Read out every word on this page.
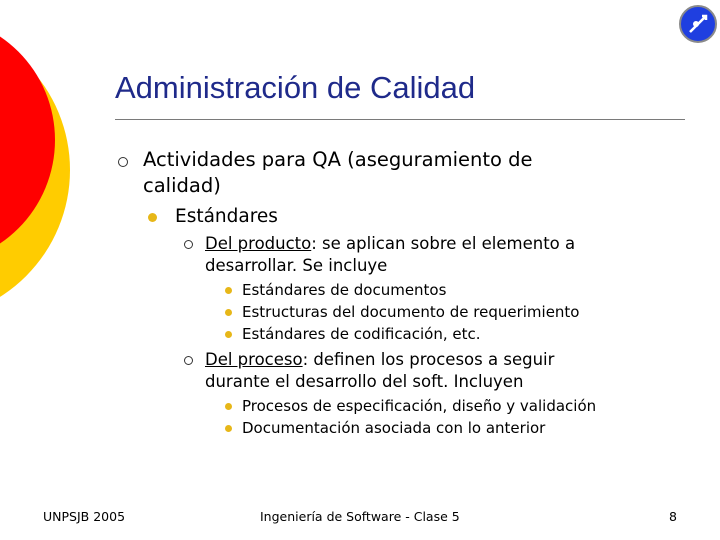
Administración de Calidad
Actividades para QA (aseguramiento de
calidad)
Estándares
Del producto: se aplican sobre el elemento a
desarrollar. Se incluye
Estándares de documentos
Estructuras del documento de requerimiento
Estándares de codificación, etc.
Del proceso: definen los procesos a seguir
durante el desarrollo del soft. Incluyen
Procesos de especificación, diseño y validación
Documentación asociada con lo anterior
UNPSJB 2005	Ingeniería de Software - Clase 5	8
